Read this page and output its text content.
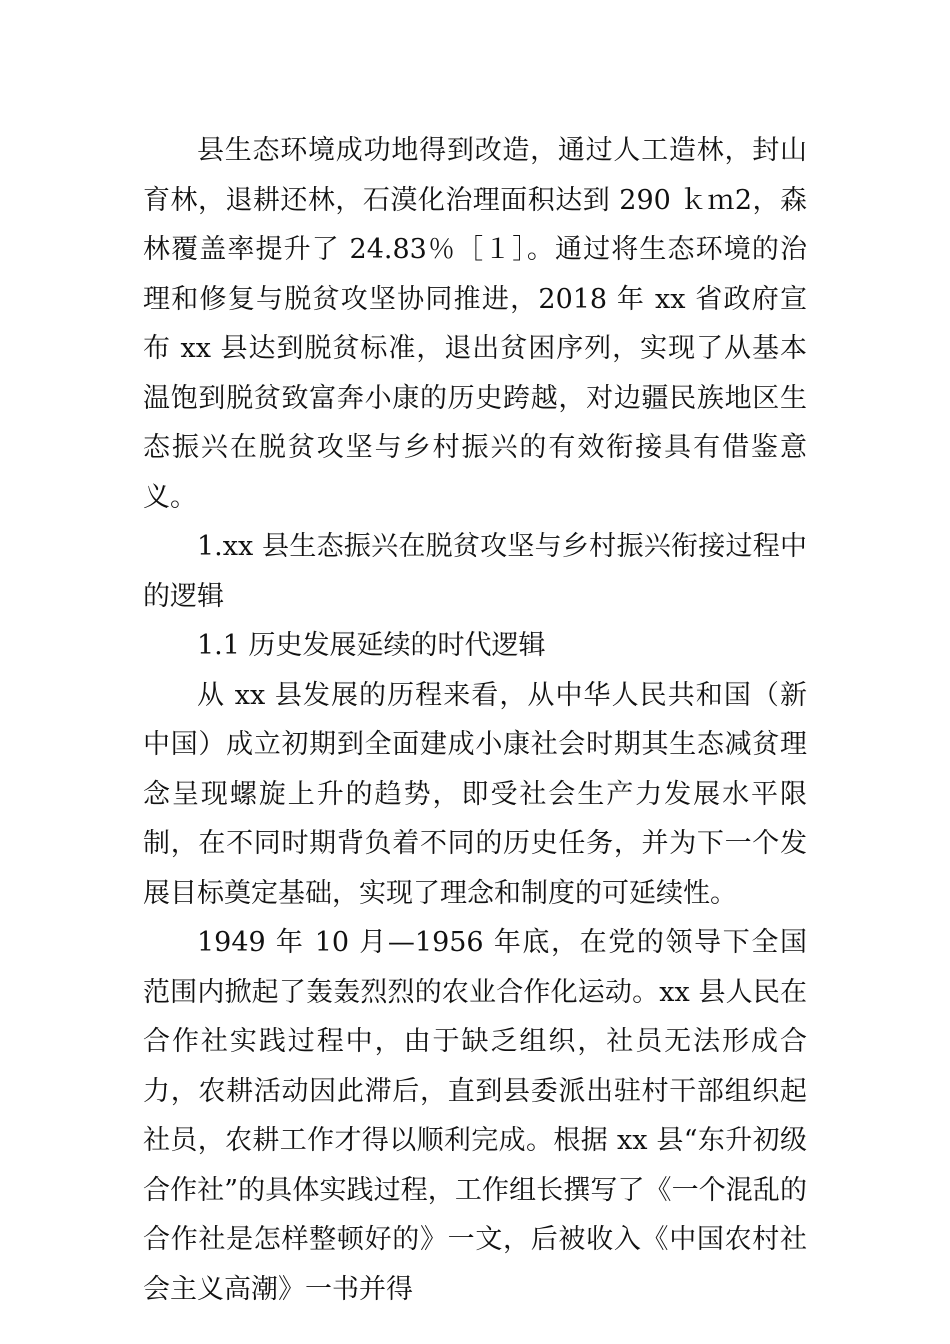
县生态环境成功地得到改造，通过人工造林，封山育林，退耕还林，石漠化治理面积达到 290 ｋｍ2，森林覆盖率提升了 24.83％［１］。通过将生态环境的治理和修复与脱贫攻坚协同推进，2018 年 xx 省政府宣布 xx 县达到脱贫标准，退出贫困序列，实现了从基本温饱到脱贫致富奔小康的历史跨越，对边疆民族地区生态振兴在脱贫攻坚与乡村振兴的有效衔接具有借鉴意义。

1.xx 县生态振兴在脱贫攻坚与乡村振兴衔接过程中的逻辑

1.1 历史发展延续的时代逻辑

从 xx 县发展的历程来看，从中华人民共和国（新中国）成立初期到全面建成小康社会时期其生态减贫理念呈现螺旋上升的趋势，即受社会生产力发展水平限制，在不同时期背负着不同的历史任务，并为下一个发展目标奠定基础，实现了理念和制度的可延续性。

1949 年 10 月—1956 年底，在党的领导下全国范围内掀起了轰轰烈烈的农业合作化运动。xx 县人民在合作社实践过程中，由于缺乏组织，社员无法形成合力，农耕活动因此滞后，直到县委派出驻村干部组织起社员，农耕工作才得以顺利完成。根据 xx 县“东升初级合作社”的具体实践过程，工作组长撰写了《一个混乱的合作社是怎样整顿好的》一文，后被收入《中国农村社会主义高潮》一书并得
